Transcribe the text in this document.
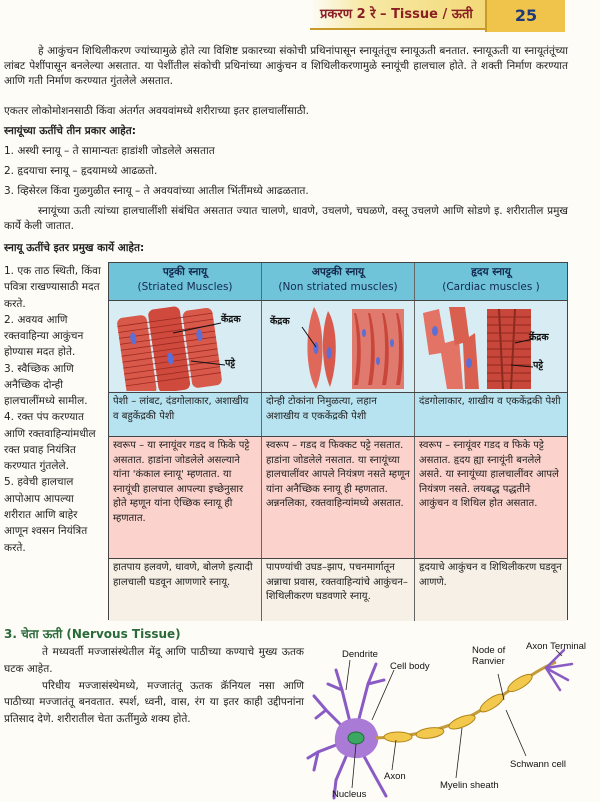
प्रकरण 2 रे – Tissue / ऊती	25
हे आकुंचन शिथिलीकरण ज्यांच्यामुळे होते त्या विशिष्ट प्रकारच्या संकोची प्रथिनांपासून स्नायूतंतूच स्नायूऊती बनतात. स्नायूऊती या स्नायूतंतूंच्या लांबट पेशींपासून बनलेल्या असतात. या पेशींतील संकोची प्रथिनांच्या आकुंचन व शिथिलीकरणामुळे स्नायूंची हालचाल होते. ते शक्ती निर्माण करण्यात आणि गती निर्माण करण्यात गुंतलेले असतात.
एकतर लोकोमोशनसाठी किंवा अंतर्गत अवयवांमध्ये शरीराच्या इतर हालचालींसाठी.
स्नायूंच्या ऊतींचे तीन प्रकार आहेत:
1. अस्थी स्नायू – ते सामान्यतः हाडांशी जोडलेले असतात
2. हृदयाचा स्नायू – हृदयामध्ये आढळतो.
3. व्हिसेरल किंवा गुळगुळीत स्नायू – ते अवयवांच्या आतील भिंतींमध्ये आढळतात.
स्नायूंच्या ऊती त्यांच्या हालचालींशी संबंधित असतात ज्यात चालणे, धावणे, उचलणे, चघळणे, वस्तू उचलणे आणि सोडणे इ. शरीरातील प्रमुख कार्ये केली जातात.
स्नायू ऊतींचे इतर प्रमुख कार्ये आहेत:
1. एक ताठ स्थिती, किंवा
पवित्रा राखण्यासाठी मदत
करते.
2. अवयव आणि
रक्तवाहिन्या आकुंचन
होण्यास मदत होते.
3. स्वैच्छिक आणि
अनैच्छिक दोन्ही
हालचालींमध्ये सामील.
4. रक्त पंप करण्यात
आणि रक्तवाहिन्यांमधील
रक्त प्रवाह नियंत्रित
करण्यात गुंतलेले.
5. हवेची हालचाल
आपोआप आपल्या
शरीरात आणि बाहेर
आणून श्वसन नियंत्रित
करते.
पट्टकी स्नायू
(Striated Muscles)
अपट्टकी स्नायू
(Non striated muscles)
हृदय स्नायू
(Cardiac muscles )
केंद्रक
पट्टे
केंद्रक
केंद्रक
पट्टे
पेशी – लांबट, दंडगोलाकार, अशाखीय व बहुकेंद्रकी पेशी
दोन्ही टोकांना निमुळत्या, लहान अशाखीय व एककेंद्रकी पेशी
दंडगोलाकार, शाखीय व एककेंद्रकी पेशी
स्वरूप – या स्नायूंवर गडद व फिके पट्टे असतात. हाडांना जोडलेले असल्याने यांना 'कंकाल स्नायू' म्हणतात. या स्नायूंची हालचाल आपल्या इच्छेनुसार होते म्हणून यांना ऐच्छिक स्नायू ही म्हणतात.
स्वरूप – गडद व फिक्कट पट्टे नसतात. हाडांना जोडलेले नसतात. या स्नायूंच्या हालचालींवर आपले नियंत्रण नसते म्हणून यांना अनैच्छिक स्नायू ही म्हणतात. अन्ननलिका, रक्तवाहिन्यांमध्ये असतात.
स्वरूप – स्नायूंवर गडद व फिके पट्टे असतात. हृदय ह्या स्नायूंनी बनलेले असते. या स्नायूंच्या हालचालींवर आपले नियंत्रण नसते. लयबद्ध पद्धतीने आकुंचन व शिथिल होत असतात.
हातपाय हलवणे, धावणे, बोलणे इत्यादी हालचाली घडवून आणणारे स्नायू.
पापण्यांची उघड–झाप, पचनमार्गातून अन्नाचा प्रवास, रक्तवाहिन्यांचे आकुंचन–शिथिलीकरण घडवणारे स्नायू.
हृदयाचे आकुंचन व शिथिलीकरण घडवून आणणे.
3. चेता ऊती (Nervous Tissue)

ते मध्यवर्ती मज्जासंस्थेतील मेंदू आणि पाठीच्या कण्याचे मुख्य ऊतक घटक आहेत.

परिधीय मज्जासंस्थेमध्ये, मज्जातंतू ऊतक क्रॅनियल नसा आणि पाठीच्या मज्जातंतू बनवतात. स्पर्श, ध्वनी, वास, रंग या इतर काही उद्दीपनांना प्रतिसाद देणे. शरीरातील चेता ऊतींमुळे शक्य होते.

Dendrite
Cell body
Node of
Ranvier
Axon Terminal
Axon
Schwann cell
Myelin sheath
Nucleus
